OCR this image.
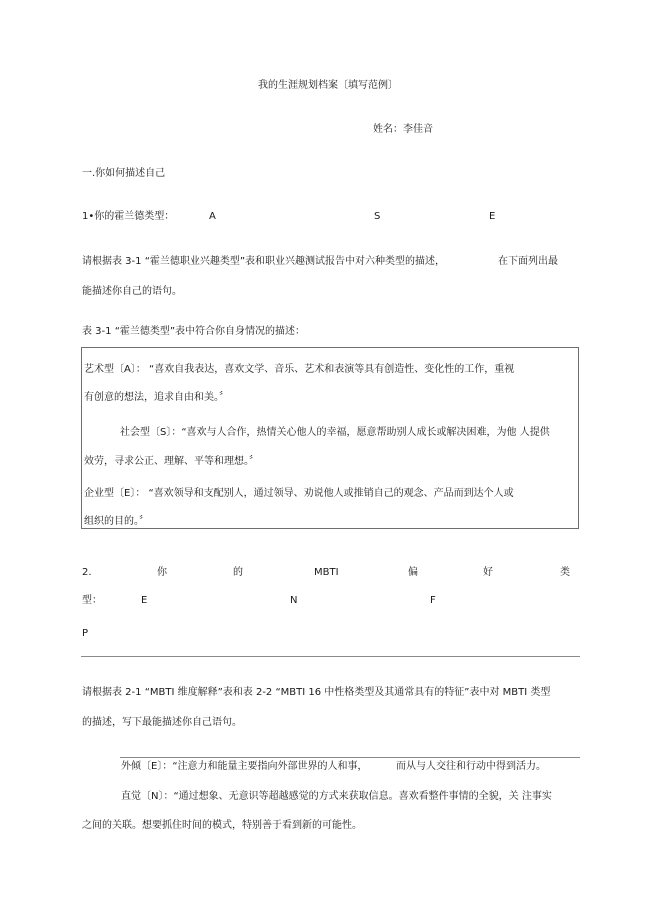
我的生涯规划档案〔填写范例〕
姓名：李佳音
一.你如何描述自己
1•你的霍兰德类型：	A	S	E
请根据表 3-1 “霍兰德职业兴趣类型”表和职业兴趣测试报告中对六种类型的描述，	在下面列出最
能描述你自己的语句。
表 3-1 “霍兰德类型”表中符合你自身情况的描述：
艺术型〔A〕： “喜欢自我表达，喜欢文学、音乐、艺术和表演等具有创造性、变化性的工作，重视
有创意的想法，追求自由和美。〞
社会型〔S〕：“喜欢与人合作，热情关心他人的幸福，愿意帮助别人成长或解决困难，为他 人提供
效劳，寻求公正、理解、平等和理想。〞
企业型〔E〕： “喜欢领导和支配别人，通过领导、劝说他人或推销自己的观念、产品而到达个人或
组织的目的。〞
2.	你	的	MBTI	偏	好	类
型：	E	N	F
P
请根据表 2-1 “MBTI 维度解释”表和表 2-2 “MBTI 16 中性格类型及其通常具有的特征”表中对 MBTI 类型
的描述，写下最能描述你自己语句。
外倾〔E〕：“注意力和能量主要指向外部世界的人和事，	而从与人交往和行动中得到活力。
直觉〔N〕：“通过想象、无意识等超越感觉的方式来获取信息。喜欢看整件事情的全貌，关 注事实
之间的关联。想要抓住时间的模式，特别善于看到新的可能性。
